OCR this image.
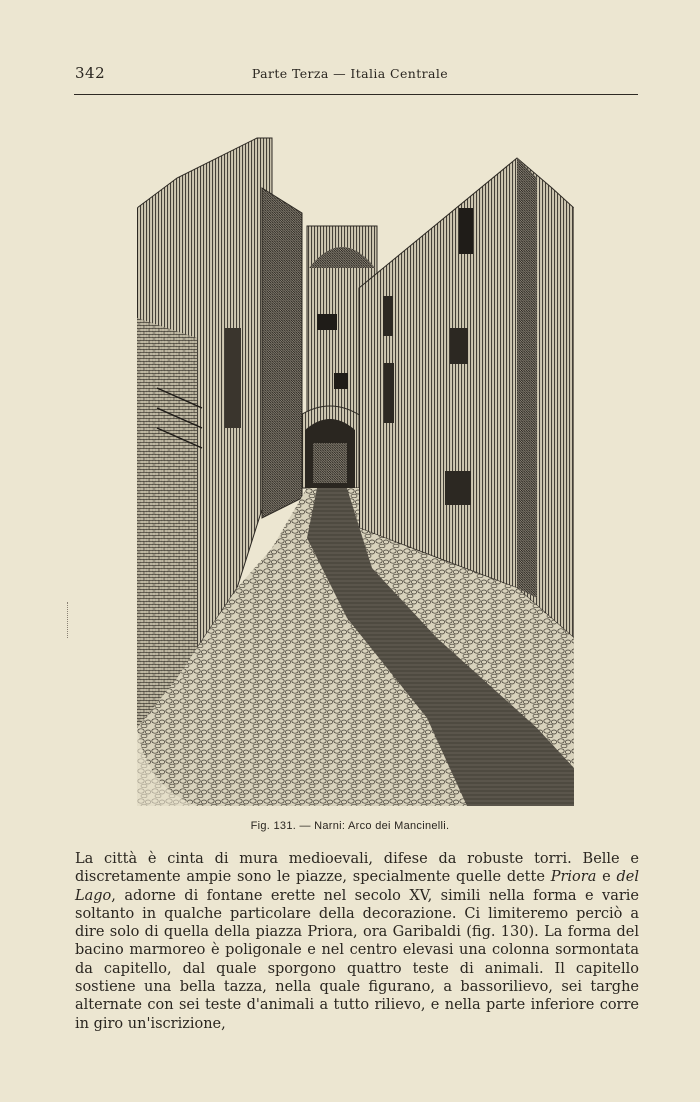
342	Parte Terza — Italia Centrale
Fig. 131. — Narni: Arco dei Mancinelli.

La città è cinta di mura medioevali, difese da robuste torri. Belle e discretamente ampie sono le piazze, specialmente quelle dette Priora e del Lago, adorne di fontane erette nel secolo XV, simili nella forma e varie soltanto in qualche particolare della decorazione. Ci limiteremo perciò a dire solo di quella della piazza Priora, ora Garibaldi (fig. 130). La forma del bacino marmoreo è poligonale e nel centro elevasi una colonna sormontata da capitello, dal quale sporgono quattro teste di animali. Il capitello sostiene una bella tazza, nella quale figurano, a bassorilievo, sei targhe alternate con sei teste d'animali a tutto rilievo, e nella parte inferiore corre in giro un'iscrizione,
